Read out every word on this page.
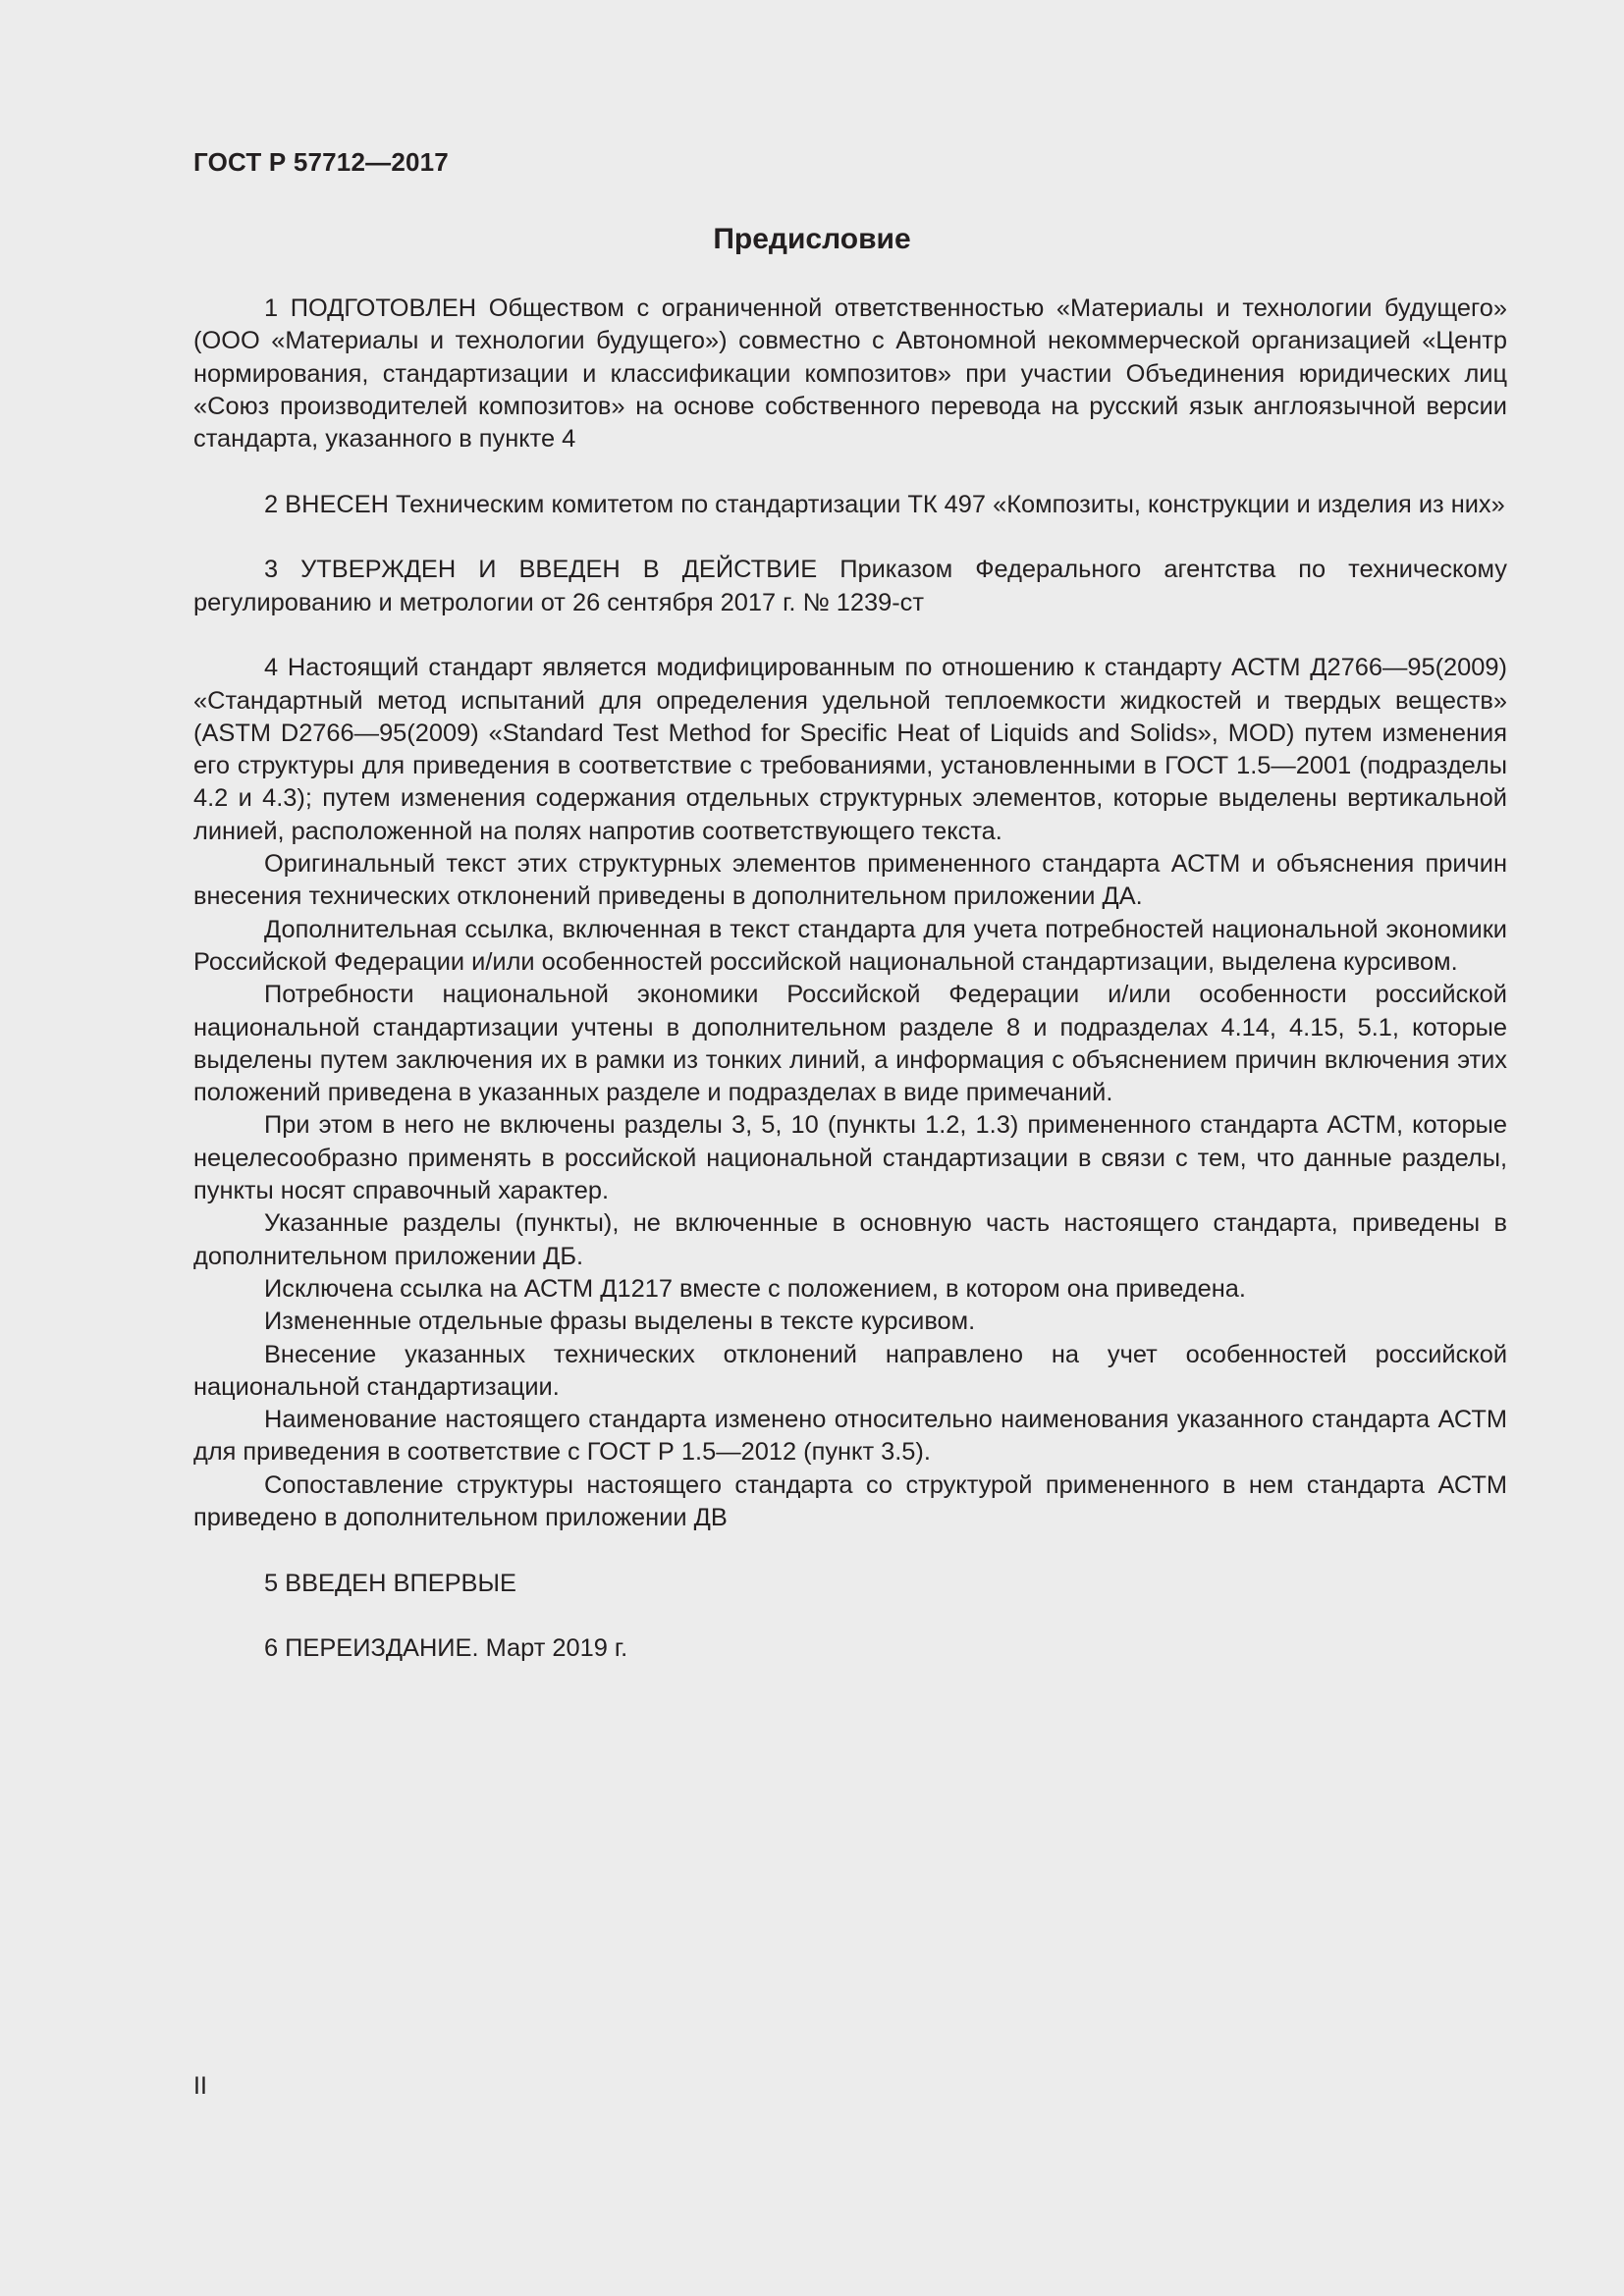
ГОСТ Р 57712—2017
Предисловие

1 ПОДГОТОВЛЕН Обществом с ограниченной ответственностью «Материалы и технологии будущего» (ООО «Материалы и технологии будущего») совместно с Автономной некоммерческой организацией «Центр нормирования, стандартизации и классификации композитов» при участии Объединения юридических лиц «Союз производителей композитов» на основе собственного перевода на русский язык англоязычной версии стандарта, указанного в пункте 4

2 ВНЕСЕН Техническим комитетом по стандартизации ТК 497 «Композиты, конструкции и изделия из них»

3 УТВЕРЖДЕН И ВВЕДЕН В ДЕЙСТВИЕ Приказом Федерального агентства по техническому регулированию и метрологии от 26 сентября 2017 г. № 1239-ст

4 Настоящий стандарт является модифицированным по отношению к стандарту АСТМ Д2766—95(2009) «Стандартный метод испытаний для определения удельной теплоемкости жидкостей и твердых веществ» (ASTM D2766—95(2009) «Standard Test Method for Specific Heat of Liquids and Solids», MOD) путем изменения его структуры для приведения в соответствие с требованиями, установленными в ГОСТ 1.5—2001 (подразделы 4.2 и 4.3); путем изменения содержания отдельных структурных элементов, которые выделены вертикальной линией, расположенной на полях напротив соответствующего текста.

Оригинальный текст этих структурных элементов примененного стандарта АСТМ и объяснения причин внесения технических отклонений приведены в дополнительном приложении ДА.

Дополнительная ссылка, включенная в текст стандарта для учета потребностей национальной экономики Российской Федерации и/или особенностей российской национальной стандартизации, выделена курсивом.

Потребности национальной экономики Российской Федерации и/или особенности российской национальной стандартизации учтены в дополнительном разделе 8 и подразделах 4.14, 4.15, 5.1, которые выделены путем заключения их в рамки из тонких линий, а информация с объяснением причин включения этих положений приведена в указанных разделе и подразделах в виде примечаний.

При этом в него не включены разделы 3, 5, 10 (пункты 1.2, 1.3) примененного стандарта АСТМ, которые нецелесообразно применять в российской национальной стандартизации в связи с тем, что данные разделы, пункты носят справочный характер.

Указанные разделы (пункты), не включенные в основную часть настоящего стандарта, приведены в дополнительном приложении ДБ.

Исключена ссылка на АСТМ Д1217 вместе с положением, в котором она приведена.

Измененные отдельные фразы выделены в тексте курсивом.

Внесение указанных технических отклонений направлено на учет особенностей российской национальной стандартизации.

Наименование настоящего стандарта изменено относительно наименования указанного стандарта АСТМ для приведения в соответствие с ГОСТ Р 1.5—2012 (пункт 3.5).

Сопоставление структуры настоящего стандарта со структурой примененного в нем стандарта АСТМ приведено в дополнительном приложении ДВ

5 ВВЕДЕН ВПЕРВЫЕ

6 ПЕРЕИЗДАНИЕ. Март 2019 г.

II
